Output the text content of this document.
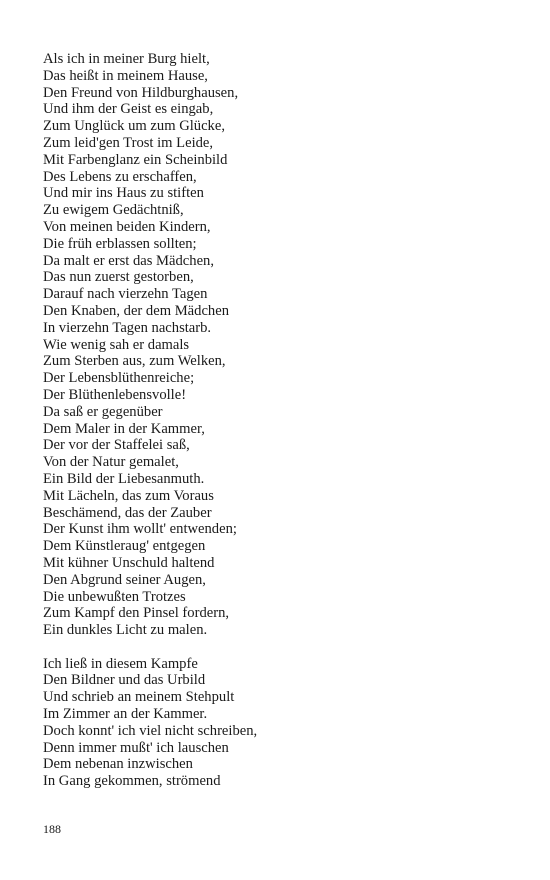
Als ich in meiner Burg hielt,
Das heißt in meinem Hause,
Den Freund von Hildburghausen,
Und ihm der Geist es eingab,
Zum Unglück um zum Glücke,
Zum leid'gen Trost im Leide,
Mit Farbenglanz ein Scheinbild
Des Lebens zu erschaffen,
Und mir ins Haus zu stiften
Zu ewigem Gedächtniß,
Von meinen beiden Kindern,
Die früh erblassen sollten;
Da malt er erst das Mädchen,
Das nun zuerst gestorben,
Darauf nach vierzehn Tagen
Den Knaben, der dem Mädchen
In vierzehn Tagen nachstarb.
Wie wenig sah er damals
Zum Sterben aus, zum Welken,
Der Lebensblüthenreiche;
Der Blüthenlebensvolle!
Da saß er gegenüber
Dem Maler in der Kammer,
Der vor der Staffelei saß,
Von der Natur gemalet,
Ein Bild der Liebesanmuth.
Mit Lächeln, das zum Voraus
Beschämend, das der Zauber
Der Kunst ihm wollt' entwenden;
Dem Künstleraug' entgegen
Mit kühner Unschuld haltend
Den Abgrund seiner Augen,
Die unbewußten Trotzes
Zum Kampf den Pinsel fordern,
Ein dunkles Licht zu malen.
Ich ließ in diesem Kampfe
Den Bildner und das Urbild
Und schrieb an meinem Stehpult
Im Zimmer an der Kammer.
Doch konnt' ich viel nicht schreiben,
Denn immer mußt' ich lauschen
Dem nebenan inzwischen
In Gang gekommen, strömend
188
